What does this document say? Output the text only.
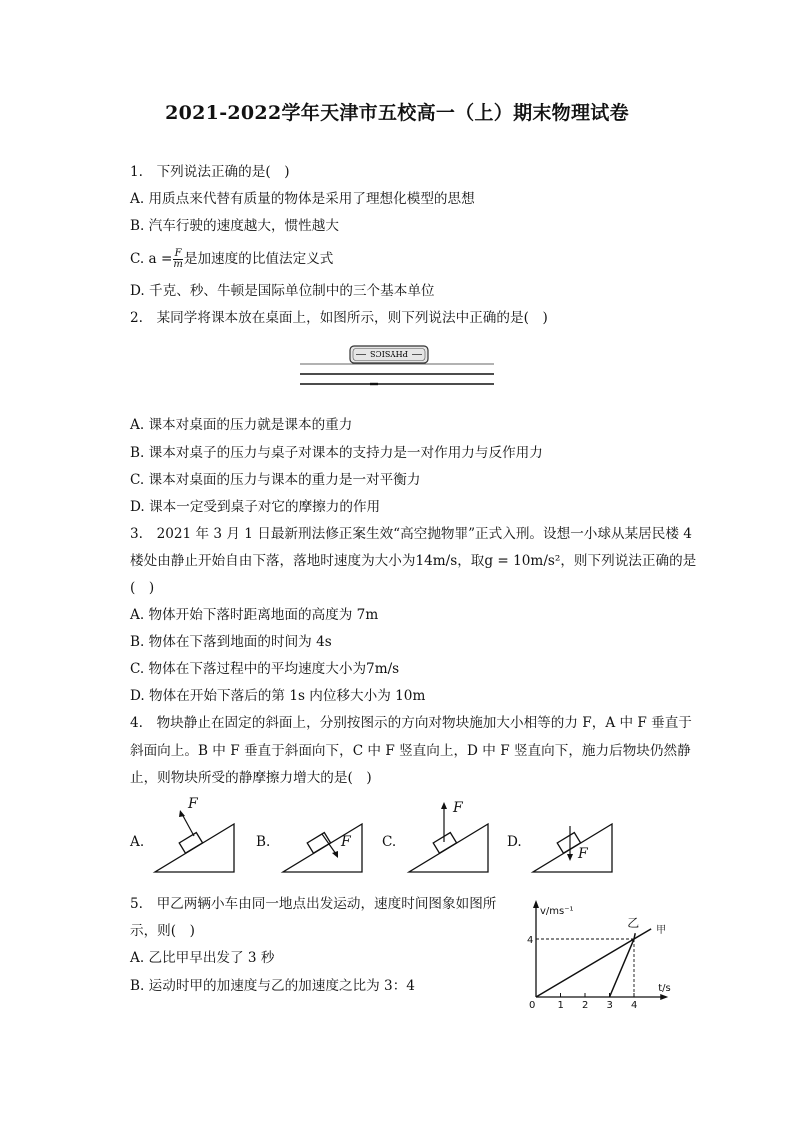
2021-2022学年天津市五校高一（上）期末物理试卷
1.　下列说法正确的是(　)
A. 用质点来代替有质量的物体是采用了理想化模型的思想
B. 汽车行驶的速度越大，惯性越大
C. $a = \frac{F}{m}$ 是加速度的比值法定义式
D. 千克、秒、牛顿是国际单位制中的三个基本单位
2.　某同学将课本放在桌面上，如图所示，则下列说法中正确的是(　)
PHYSICS
A. 课本对桌面的压力就是课本的重力
B. 课本对桌子的压力与桌子对课本的支持力是一对作用力与反作用力
C. 课本对桌面的压力与课本的重力是一对平衡力
D. 课本一定受到桌子对它的摩擦力的作用
3.　2021 年 3 月 1 日最新刑法修正案生效“高空抛物罪”正式入刑。设想一小球从某居民楼 4
楼处由静止开始自由下落，落地时速度为大小为14m/s，取g = 10m/s²，则下列说法正确的是
(　)
A. 物体开始下落时距离地面的高度为 7m
B. 物体在下落到地面的时间为 4s
C. 物体在下落过程中的平均速度大小为7m/s
D. 物体在开始下落后的第 1s 内位移大小为 10m
4.　物块静止在固定的斜面上，分别按图示的方向对物块施加大小相等的力 F，A 中 F 垂直于
斜面向上。B 中 F 垂直于斜面向下，C 中 F 竖直向上，D 中 F 竖直向下，施力后物块仍然静
止，则物块所受的静摩擦力增大的是(　)
A.	B.	C.	D.
F
F
F
F
5.　甲乙两辆小车由同一地点出发运动，速度时间图象如图所
示，则(　)
A. 乙比甲早出发了 3 秒
B. 运动时甲的加速度与乙的加速度之比为 3：4
v/ms⁻¹
t/s
0 1 2 3 4
4
甲
乙
